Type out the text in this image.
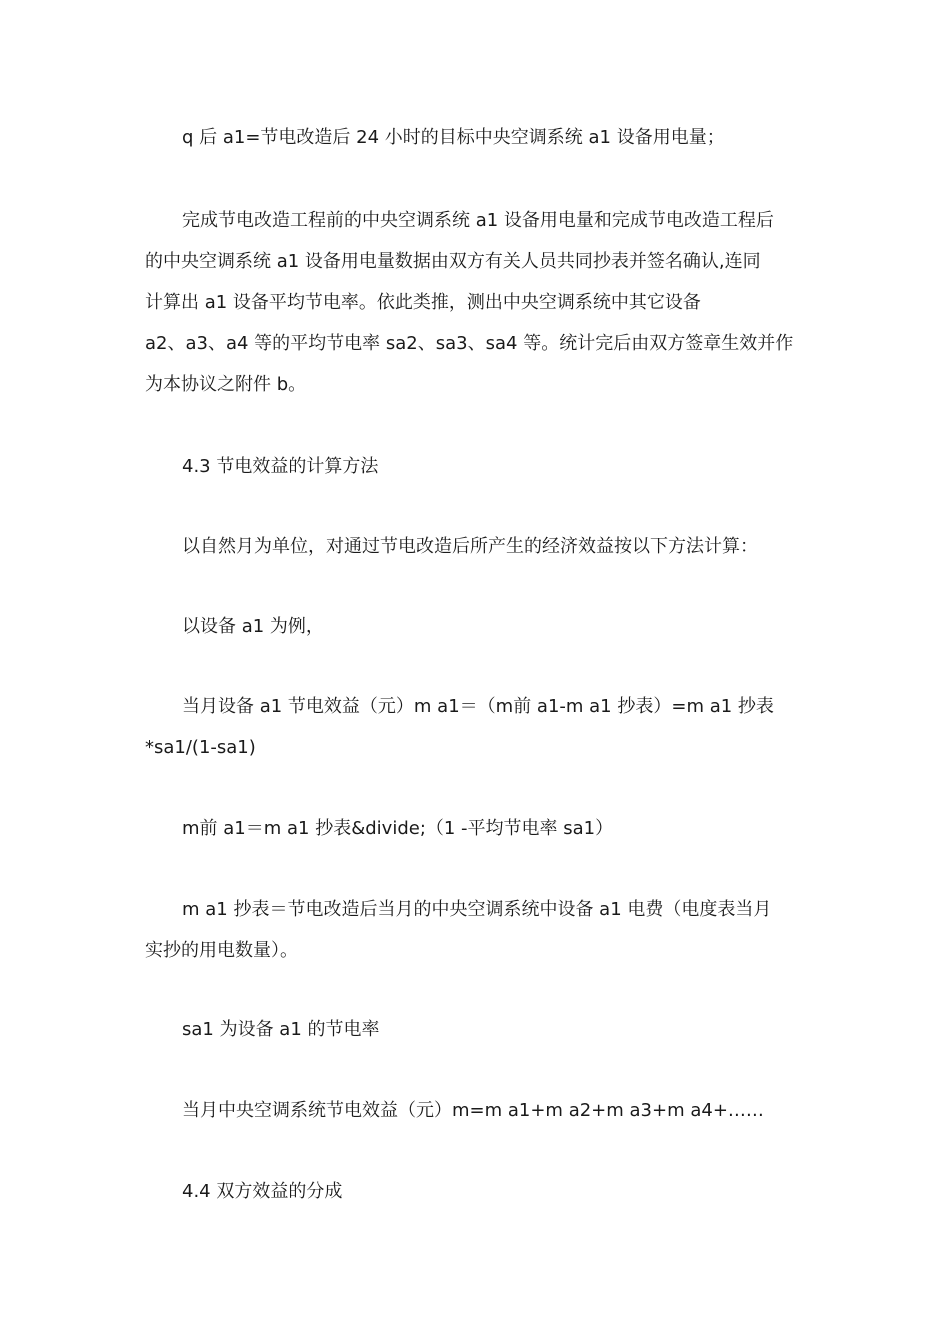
q 后 a1=节电改造后 24 小时的目标中央空调系统 a1 设备用电量；

完成节电改造工程前的中央空调系统 a1 设备用电量和完成节电改造工程后
的中央空调系统 a1 设备用电量数据由双方有关人员共同抄表并签名确认,连同
计算出 a1 设备平均节电率。依此类推，测出中央空调系统中其它设备
a2、a3、a4 等的平均节电率 sa2、sa3、sa4 等。统计完后由双方签章生效并作
为本协议之附件 b。

4.3 节电效益的计算方法

以自然月为单位，对通过节电改造后所产生的经济效益按以下方法计算：

以设备 a1 为例，

当月设备 a1 节电效益（元）m a1＝（m前 a1-m a1 抄表）=m a1 抄表
*sa1/(1-sa1)

m前 a1＝m a1 抄表&divide;（1 -平均节电率 sa1）

m a1 抄表＝节电改造后当月的中央空调系统中设备 a1 电费（电度表当月
实抄的用电数量）。

sa1 为设备 a1 的节电率

当月中央空调系统节电效益（元）m=m a1+m a2+m a3+m a4+……

4.4 双方效益的分成
